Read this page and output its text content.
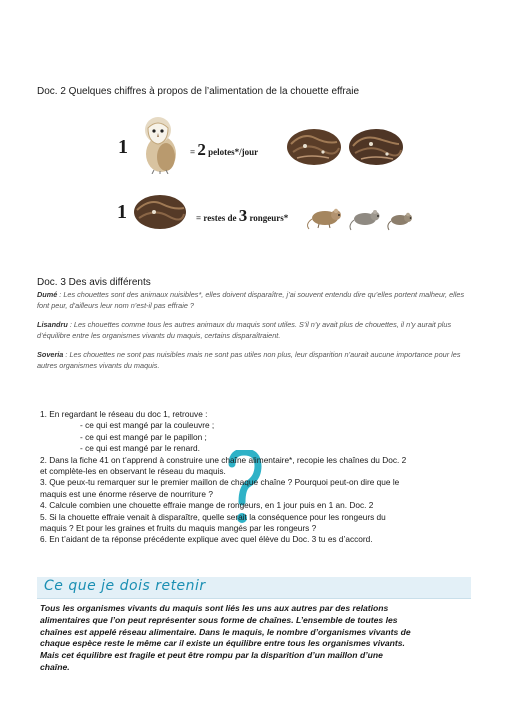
Doc. 2 Quelques chiffres à propos de l’alimentation de la chouette effraie
1	= 2 pelotes*/jour
1	= restes de 3 rongeurs*
Doc. 3 Des avis différents

Dumé : Les chouettes sont des animaux nuisibles*, elles doivent disparaître, j’ai souvent entendu dire qu’elles portent malheur, elles font peur, d’ailleurs leur nom n’est-il pas effraie ?

Lisandru : Les chouettes comme tous les autres animaux du maquis sont utiles. S’il n’y avait plus de chouettes, il n’y aurait plus d’équilibre entre les organismes vivants du maquis, certains disparaîtraient.

Soveria : Les chouettes ne sont pas nuisibles mais ne sont pas utiles non plus, leur disparition n’aurait aucune importance pour les autres organismes vivants du maquis.

1. En regardant le réseau du doc 1, retrouve :
- ce qui est mangé par la couleuvre ;
- ce qui est mangé par le papillon ;
- ce qui est mangé par le renard.
2. Dans la fiche 41 on t’apprend à construire une chaîne alimentaire*, recopie les chaînes du Doc. 2
et complète-les en observant le réseau du maquis.
3. Que peux-tu remarquer sur le premier maillon de chaque chaîne ? Pourquoi peut-on dire que le
maquis est une énorme réserve de nourriture ?
4. Calcule combien une chouette effraie mange de rongeurs, en 1 jour puis en 1 an. Doc. 2
5. Si la chouette effraie venait à disparaître, quelle serait la conséquence pour les rongeurs du
maquis ? Et pour les graines et fruits du maquis mangés par les rongeurs ?
6. En t’aidant de ta réponse précédente explique avec quel élève du Doc. 3 tu es d’accord.
Ce que je dois retenir
Tous les organismes vivants du maquis sont liés les uns aux autres par des relations
alimentaires que l’on peut représenter sous forme de chaînes. L’ensemble de toutes les
chaînes est appelé réseau alimentaire. Dans le maquis, le nombre d’organismes vivants de
chaque espèce reste le même car il existe un équilibre entre tous les organismes vivants.
Mais cet équilibre est fragile et peut être rompu par la disparition d’un maillon d’une
chaîne.
